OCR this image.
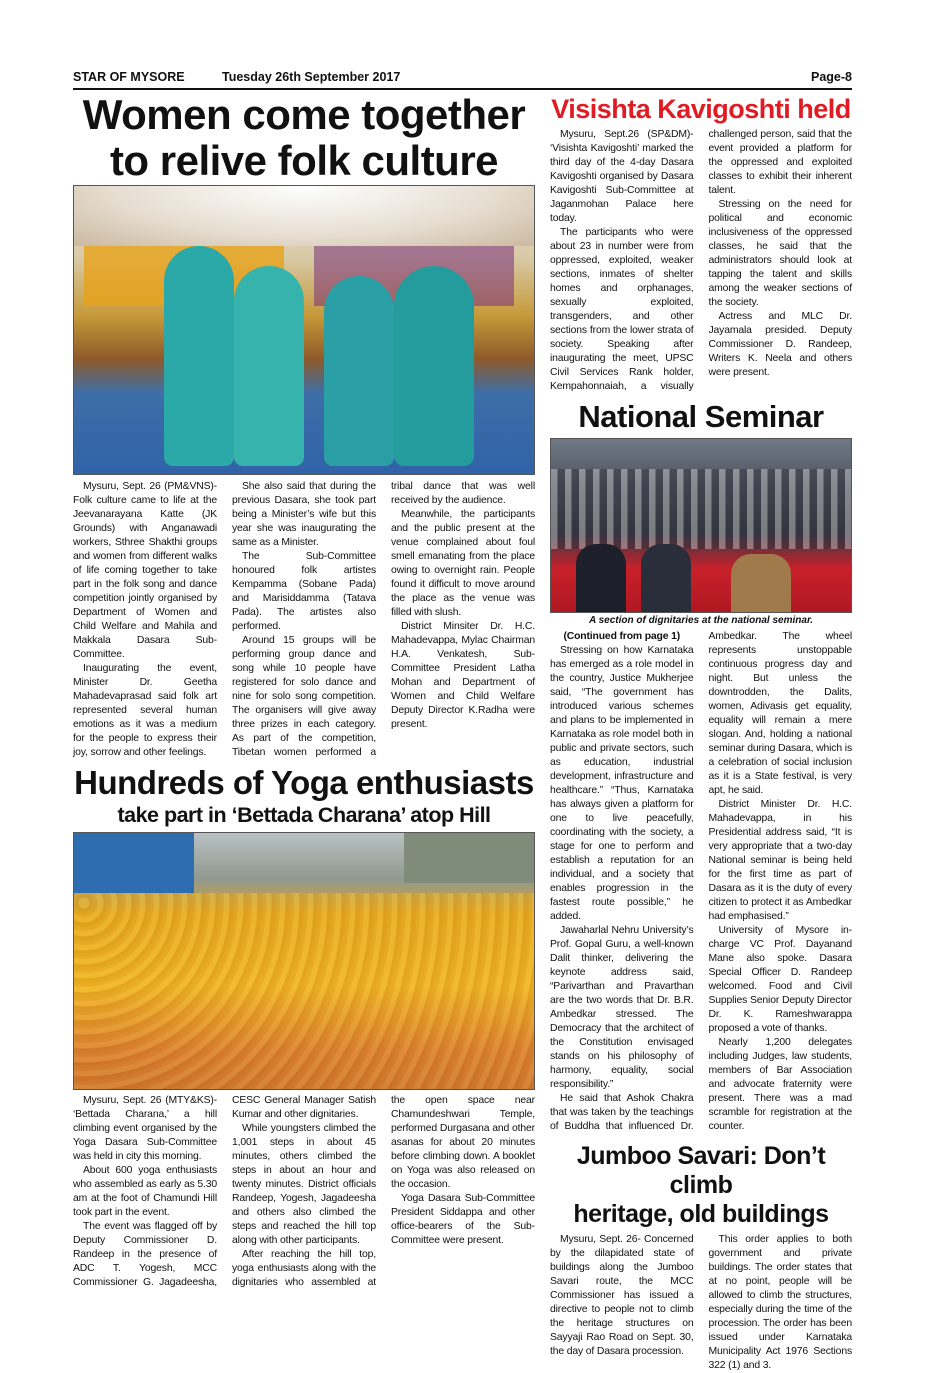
STAR OF MYSORE	Tuesday 26th September 2017	Page-8
Women come together
to relive folk culture

Mysuru, Sept. 26 (PM&VNS)- Folk culture came to life at the Jeevanarayana Katte (JK Grounds) with Anganawadi workers, Sthree Shakthi groups and women from different walks of life coming together to take part in the folk song and dance competition jointly organised by Department of Women and Child Welfare and Mahila and Makkala Dasara Sub-Committee.

Inaugurating the event, Minister Dr. Geetha Mahadevaprasad said folk art represented several human emotions as it was a medium for the people to express their joy, sorrow and other feelings.

She also said that during the previous Dasara, she took part being a Minister’s wife but this year she was inaugurating the same as a Minister.

The Sub-Committee honoured folk artistes Kempamma (Sobane Pada) and Marisiddamma (Tatava Pada). The artistes also performed.

Around 15 groups will be performing group dance and song while 10 people have registered for solo dance and nine for solo song competition. The organisers will give away three prizes in each category. As part of the competition, Tibetan women performed a tribal dance that was well received by the audience.

Meanwhile, the participants and the public present at the venue complained about foul smell emanating from the place owing to overnight rain. People found it difficult to move around the place as the venue was filled with slush.

District Minsiter Dr. H.C. Mahadevappa, Mylac Chairman H.A. Venkatesh, Sub-Committee President Latha Mohan and Department of Women and Child Welfare Deputy Director K.Radha were present.

Hundreds of Yoga enthusiasts
take part in ‘Bettada Charana’ atop Hill

Mysuru, Sept. 26 (MTY&KS)- ‘Bettada Charana,’ a hill climbing event organised by the Yoga Dasara Sub-Committee was held in city this morning.

About 600 yoga enthusiasts who assembled as early as 5.30 am at the foot of Chamundi Hill took part in the event.

The event was flagged off by Deputy Commissioner D. Randeep in the presence of ADC T. Yogesh, MCC Commissioner G. Jagadeesha, CESC General Manager Satish Kumar and other dignitaries.

While youngsters climbed the 1,001 steps in about 45 minutes, others climbed the steps in about an hour and twenty minutes. District officials Randeep, Yogesh, Jagadeesha and others also climbed the steps and reached the hill top along with other participants.

After reaching the hill top, yoga enthusiasts along with the dignitaries who assembled at the open space near Chamundeshwari Temple, performed Durgasana and other asanas for about 20 minutes before climbing down. A booklet on Yoga was also released on the occasion.

Yoga Dasara Sub-Committee President Siddappa and other office-bearers of the Sub-Committee were present.

Visishta Kavigoshti held

Mysuru, Sept.26 (SP&DM)- ‘Visishta Kavigoshti’ marked the third day of the 4-day Dasara Kavigoshti organised by Dasara Kavigoshti Sub-Committee at Jaganmohan Palace here today.

The participants who were about 23 in number were from oppressed, exploited, weaker sections, inmates of shelter homes and orphanages, sexually exploited, transgenders, and other sections from the lower strata of society. Speaking after inaugurating the meet, UPSC Civil Services Rank holder, Kempahonnaiah, a visually challenged person, said that the event provided a platform for the oppressed and exploited classes to exhibit their inherent talent.

Stressing on the need for political and economic inclusiveness of the oppressed classes, he said that the administrators should look at tapping the talent and skills among the weaker sections of the society.

Actress and MLC Dr. Jayamala presided. Deputy Commissioner D. Randeep, Writers K. Neela and others were present.

National Seminar
A section of dignitaries at the national seminar.

(Continued from page 1)

Stressing on how Karnataka has emerged as a role model in the country, Justice Mukherjee said, “The government has introduced various schemes and plans to be implemented in Karnataka as role model both in public and private sectors, such as education, industrial development, infrastructure and healthcare.” “Thus, Karnataka has always given a platform for one to live peacefully, coordinating with the society, a stage for one to perform and establish a reputation for an individual, and a society that enables progression in the fastest route possible,” he added.

Jawaharlal Nehru University’s Prof. Gopal Guru, a well-known Dalit thinker, delivering the keynote address said, “Parivarthan and Pravarthan are the two words that Dr. B.R. Ambedkar stressed. The Democracy that the architect of the Constitution envisaged stands on his philosophy of harmony, equality, social responsibility.”

He said that Ashok Chakra that was taken by the teachings of Buddha that influenced Dr. Ambedkar. The wheel represents unstoppable continuous progress day and night. But unless the downtrodden, the Dalits, women, Adivasis get equality, equality will remain a mere slogan. And, holding a national seminar during Dasara, which is a celebration of social inclusion as it is a State festival, is very apt, he said.

District Minister Dr. H.C. Mahadevappa, in his Presidential address said, “It is very appropriate that a two-day National seminar is being held for the first time as part of Dasara as it is the duty of every citizen to protect it as Ambedkar had emphasised.”

University of Mysore in-charge VC Prof. Dayanand Mane also spoke. Dasara Special Officer D. Randeep welcomed. Food and Civil Supplies Senior Deputy Director Dr. K. Rameshwarappa proposed a vote of thanks.

Nearly 1,200 delegates including Judges, law students, members of Bar Association and advocate fraternity were present. There was a mad scramble for registration at the counter.

Jumboo Savari: Don’t climb
heritage, old buildings

Mysuru, Sept. 26- Concerned by the dilapidated state of buildings along the Jumboo Savari route, the MCC Commissioner has issued a directive to people not to climb the heritage structures on Sayyaji Rao Road on Sept. 30, the day of Dasara procession.

This order applies to both government and private buildings. The order states that at no point, people will be allowed to climb the structures, especially during the time of the procession. The order has been issued under Karnataka Municipality Act 1976 Sections 322 (1) and 3.
